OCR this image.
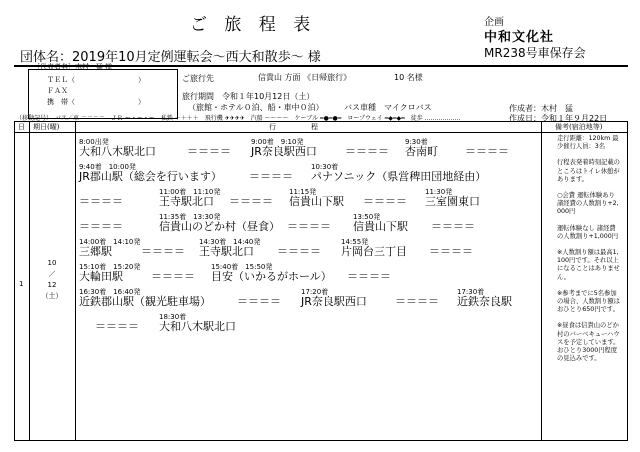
ご 旅 程 表	企画
中和文化社
MR238号車保存会
団体名：2019年10月定例運転会～西大和散歩～ 様
［代表者名］木村　猛 様
ＴＥＬ（　　　　　　　　　）
ＦＡＸ
携　帯（　　　　　　　　　）
ご旅行先	信貴山 方面 《日帰旅行》	10 名様
旅行期間 令和１年10月12日（土）
（旅館・ホテル０泊、船・車中０泊）	バス車種 マイクロバス	作成者：木村　猛
作成日：令和１年９月22日
（移動記号）　バス／車 ＝＝＝＝　ＪＲ ー・ー・ー　私鉄 ＋＋＋＋　飛行機 ✈✈✈✈　汽船 ～～～～　ケーブル ━●━●━　ロープウェイ ━◆━◆━　徒歩 ………………
日 期日(曜)	行　　　　　程	備考(宿泊地等)
1
10
／
12
（土）
8:00出発
大和八木駅北口	＝＝＝＝
9:00着　9:10発
JR奈良駅西口	＝＝＝＝
9:30着
杏南町 ＝＝＝＝
9:40着　10:00発
JR郡山駅（総会を行います） ＝＝＝＝
10:30着
パナソニック（県営稗田団地経由）
＝＝＝＝
11:00着　11:10発
王寺駅北口	＝＝＝＝
11:15発
信貴山下駅 ＝＝＝＝
11:30発
三室園東口
＝＝＝＝
11:35着　13:30発
信貴山のどか村（昼食） ＝＝＝＝
13:50発
信貴山下駅 ＝＝＝＝
14:00着　14:10発
三郷駅	＝＝＝＝
14:30着　14:40発
王寺駅北口	＝＝＝＝
14:55発
片岡台三丁目 ＝＝＝＝
15:10着　15:20発
大輪田駅	＝＝＝＝
15:40着　15:50発
目安（いかるがホール） ＝＝＝＝
16:30着　16:40発
近鉄郡山駅（観光駐車場） ＝＝＝＝
17:20着
JR奈良駅西口	＝＝＝＝
17:30着
近鉄奈良駅
＝＝＝＝
18:30着
大和八木駅北口

走行距離：120km 最少催行人員：3名

行程表発着時刻記載のところはトイレ休憩があります。

○会費 運転体験あり 諸経費の人数割り+2,000円

運転体験なし 諸経費の人数割り+1,000円

※人数割り額は最高1,100円です。それ以上になることはありません。

※参考までに5名参加の場合、人数割り額はおひとり650円です。

※昼食は信貴山のどか村のバーベキューハウスを予定しています。おひとり3000円程度の見込みです。
